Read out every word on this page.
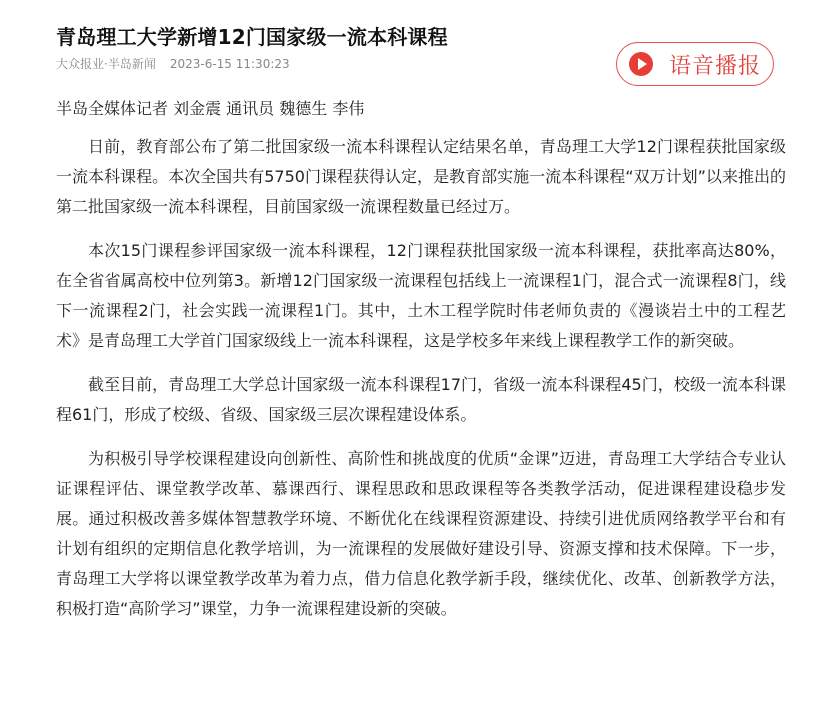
青岛理工大学新增12门国家级一流本科课程
大众报业·半岛新闻 2023-6-15 11:30:23	语音播报
半岛全媒体记者 刘金震 通讯员 魏德生 李伟

日前，教育部公布了第二批国家级一流本科课程认定结果名单，青岛理工大学12门课程获批国家级一流本科课程。本次全国共有5750门课程获得认定，是教育部实施一流本科课程“双万计划”以来推出的第二批国家级一流本科课程，目前国家级一流课程数量已经过万。

本次15门课程参评国家级一流本科课程，12门课程获批国家级一流本科课程，获批率高达80%，在全省省属高校中位列第3。新增12门国家级一流课程包括线上一流课程1门，混合式一流课程8门，线下一流课程2门，社会实践一流课程1门。其中，土木工程学院时伟老师负责的《漫谈岩土中的工程艺术》是青岛理工大学首门国家级线上一流本科课程，这是学校多年来线上课程教学工作的新突破。

截至目前，青岛理工大学总计国家级一流本科课程17门，省级一流本科课程45门，校级一流本科课程61门，形成了校级、省级、国家级三层次课程建设体系。

为积极引导学校课程建设向创新性、高阶性和挑战度的优质“金课”迈进，青岛理工大学结合专业认证课程评估、课堂教学改革、慕课西行、课程思政和思政课程等各类教学活动，促进课程建设稳步发展。通过积极改善多媒体智慧教学环境、不断优化在线课程资源建设、持续引进优质网络教学平台和有计划有组织的定期信息化教学培训，为一流课程的发展做好建设引导、资源支撑和技术保障。下一步，青岛理工大学将以课堂教学改革为着力点，借力信息化教学新手段，继续优化、改革、创新教学方法，积极打造“高阶学习”课堂，力争一流课程建设新的突破。
